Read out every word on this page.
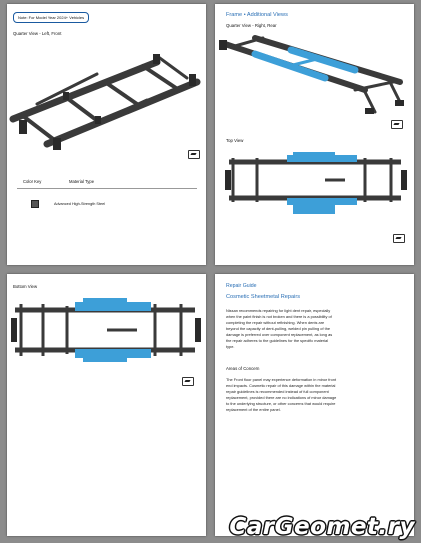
Note: For Model Year 2024+ Vehicles
Quarter View - Left, Front
Color Key	Material Type
Advanced High-Strength Steel
Frame • Additional Views
Quarter View - Right, Rear
Top View
Bottom View	Repair Guide
Cosmetic Sheetmetal Repairs
Nissan recommends repairing for light dent repair, especially when the paint finish is not broken and there is a possibility of completing the repair without refinishing. When dents are beyond the capacity of dent-pulling, welded pin pulling of the damage is preferred over component replacement, as long as the repair adheres to the guidelines for the specific material type.
Areas of Concern
The Front floor panel may experience deformation in minor front end impacts. Cosmetic repair of this damage within the material repair guidelines is recommended instead of full component replacement, provided there are no indications of minor damage to the underlying structure, or other concerns that would require replacement of the entire panel.
CarGeomet.ry
